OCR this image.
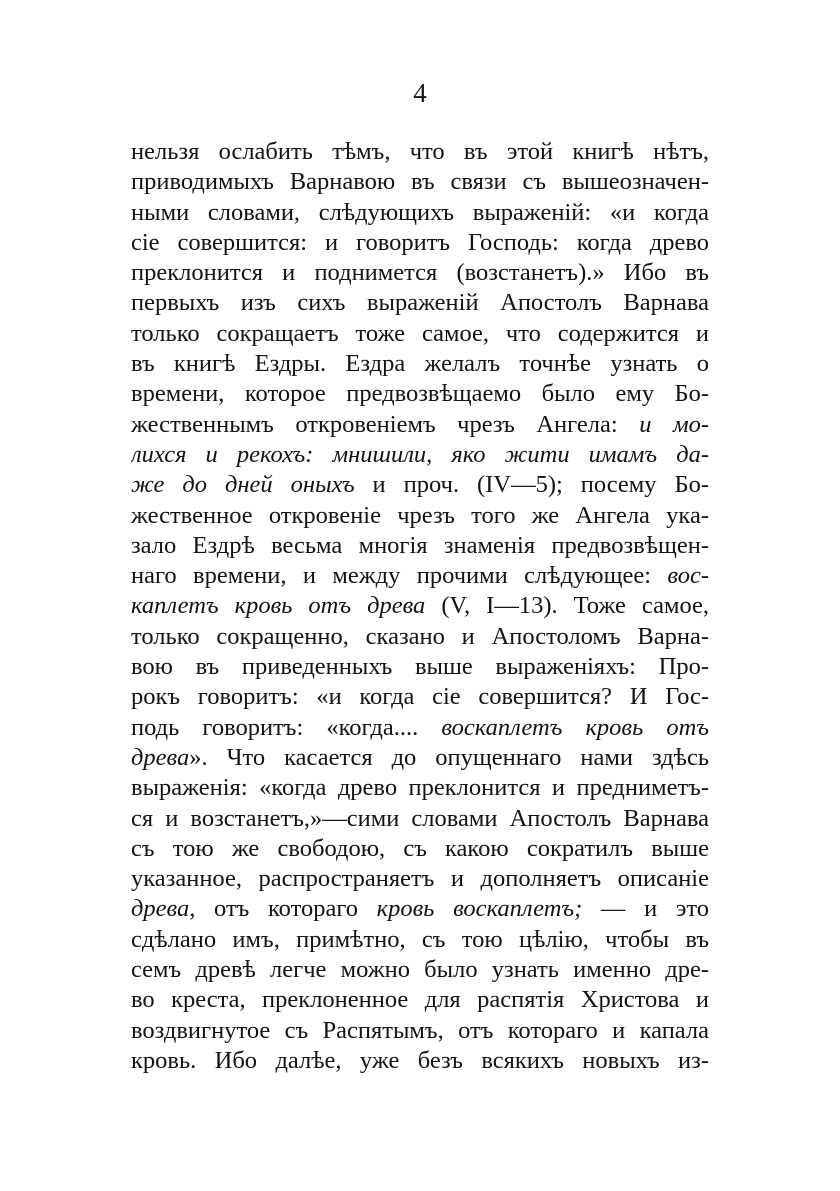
4
нельзя ослабить тѣмъ, что въ этой книгѣ нѣтъ,
приводимыхъ Варнавою въ связи съ вышеозначен-
ными словами, слѣдующихъ выраженій: «и когда
сіе совершится: и говоритъ Господь: когда древо
преклонится и поднимется (возстанетъ).» Ибо въ
первыхъ изъ сихъ выраженій Апостолъ Варнава
только сокращаетъ тоже самое, что содержится и
въ книгѣ Ездры. Ездра желалъ точнѣе узнать о
времени, которое предвозвѣщаемо было ему Бо-
жественнымъ откровеніемъ чрезъ Ангела: и мо-
лихся и рекохъ: мнишили, яко жити имамъ да-
же до дней оныхъ и проч. (IV—5); посему Бо-
жественное откровеніе чрезъ того же Ангела ука-
зало Ездрѣ весьма многія знаменія предвозвѣщен-
наго времени, и между прочими слѣдующее: вос-
каплетъ кровь отъ древа (V, I—13). Тоже самое,
только сокращенно, сказано и Апостоломъ Варна-
вою въ приведенныхъ выше выраженіяхъ: Про-
рокъ говоритъ: «и когда сіе совершится? И Гос-
подь говоритъ: «когда.... воскаплетъ кровь отъ
древа». Что касается до опущеннаго нами здѣсь
выраженія: «когда древо преклонится и предниметъ-
ся и возстанетъ,»—сими словами Апостолъ Варнава
съ тою же свободою, съ какою сократилъ выше
указанное, распространяетъ и дополняетъ описаніе
древа, отъ котораго кровь воскаплетъ; — и это
сдѣлано имъ, примѣтно, съ тою цѣлію, чтобы въ
семъ древѣ легче можно было узнать именно дре-
во креста, преклоненное для распятія Христова и
воздвигнутое съ Распятымъ, отъ котораго и капала
кровь. Ибо далѣе, уже безъ всякихъ новыхъ из-
